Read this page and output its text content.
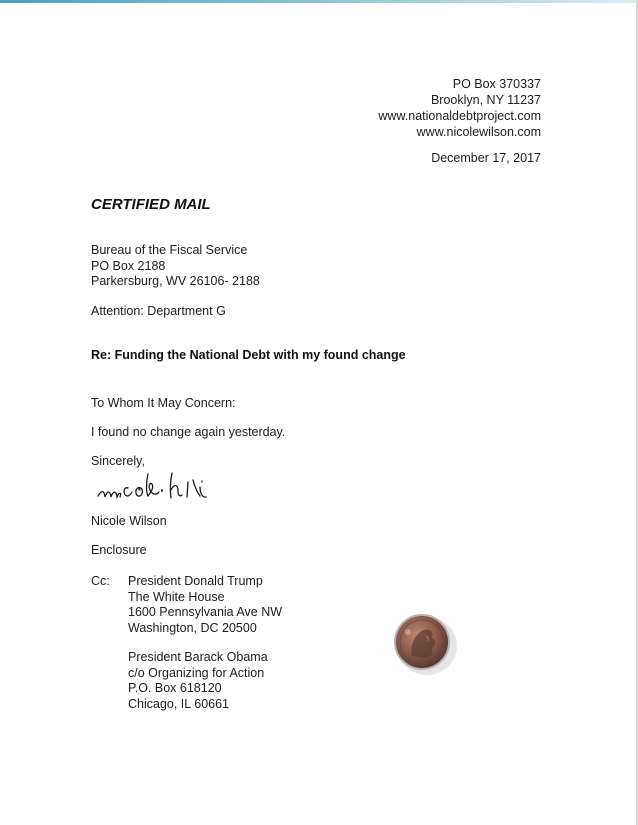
PO Box 370337
Brooklyn, NY 11237
www.nationaldebtproject.com
www.nicolewilson.com
December 17, 2017
CERTIFIED MAIL
Bureau of the Fiscal Service
PO Box 2188
Parkersburg, WV 26106- 2188
Attention: Department G
Re: Funding the National Debt with my found change
To Whom It May Concern:
I found no change again yesterday.
Sincerely,
Nicole Wilson
Enclosure
Cc: President Donald Trump
The White House
1600 Pennsylvania Ave NW
Washington, DC 20500
President Barack Obama
c/o Organizing for Action
P.O. Box 618120
Chicago, IL 60661
